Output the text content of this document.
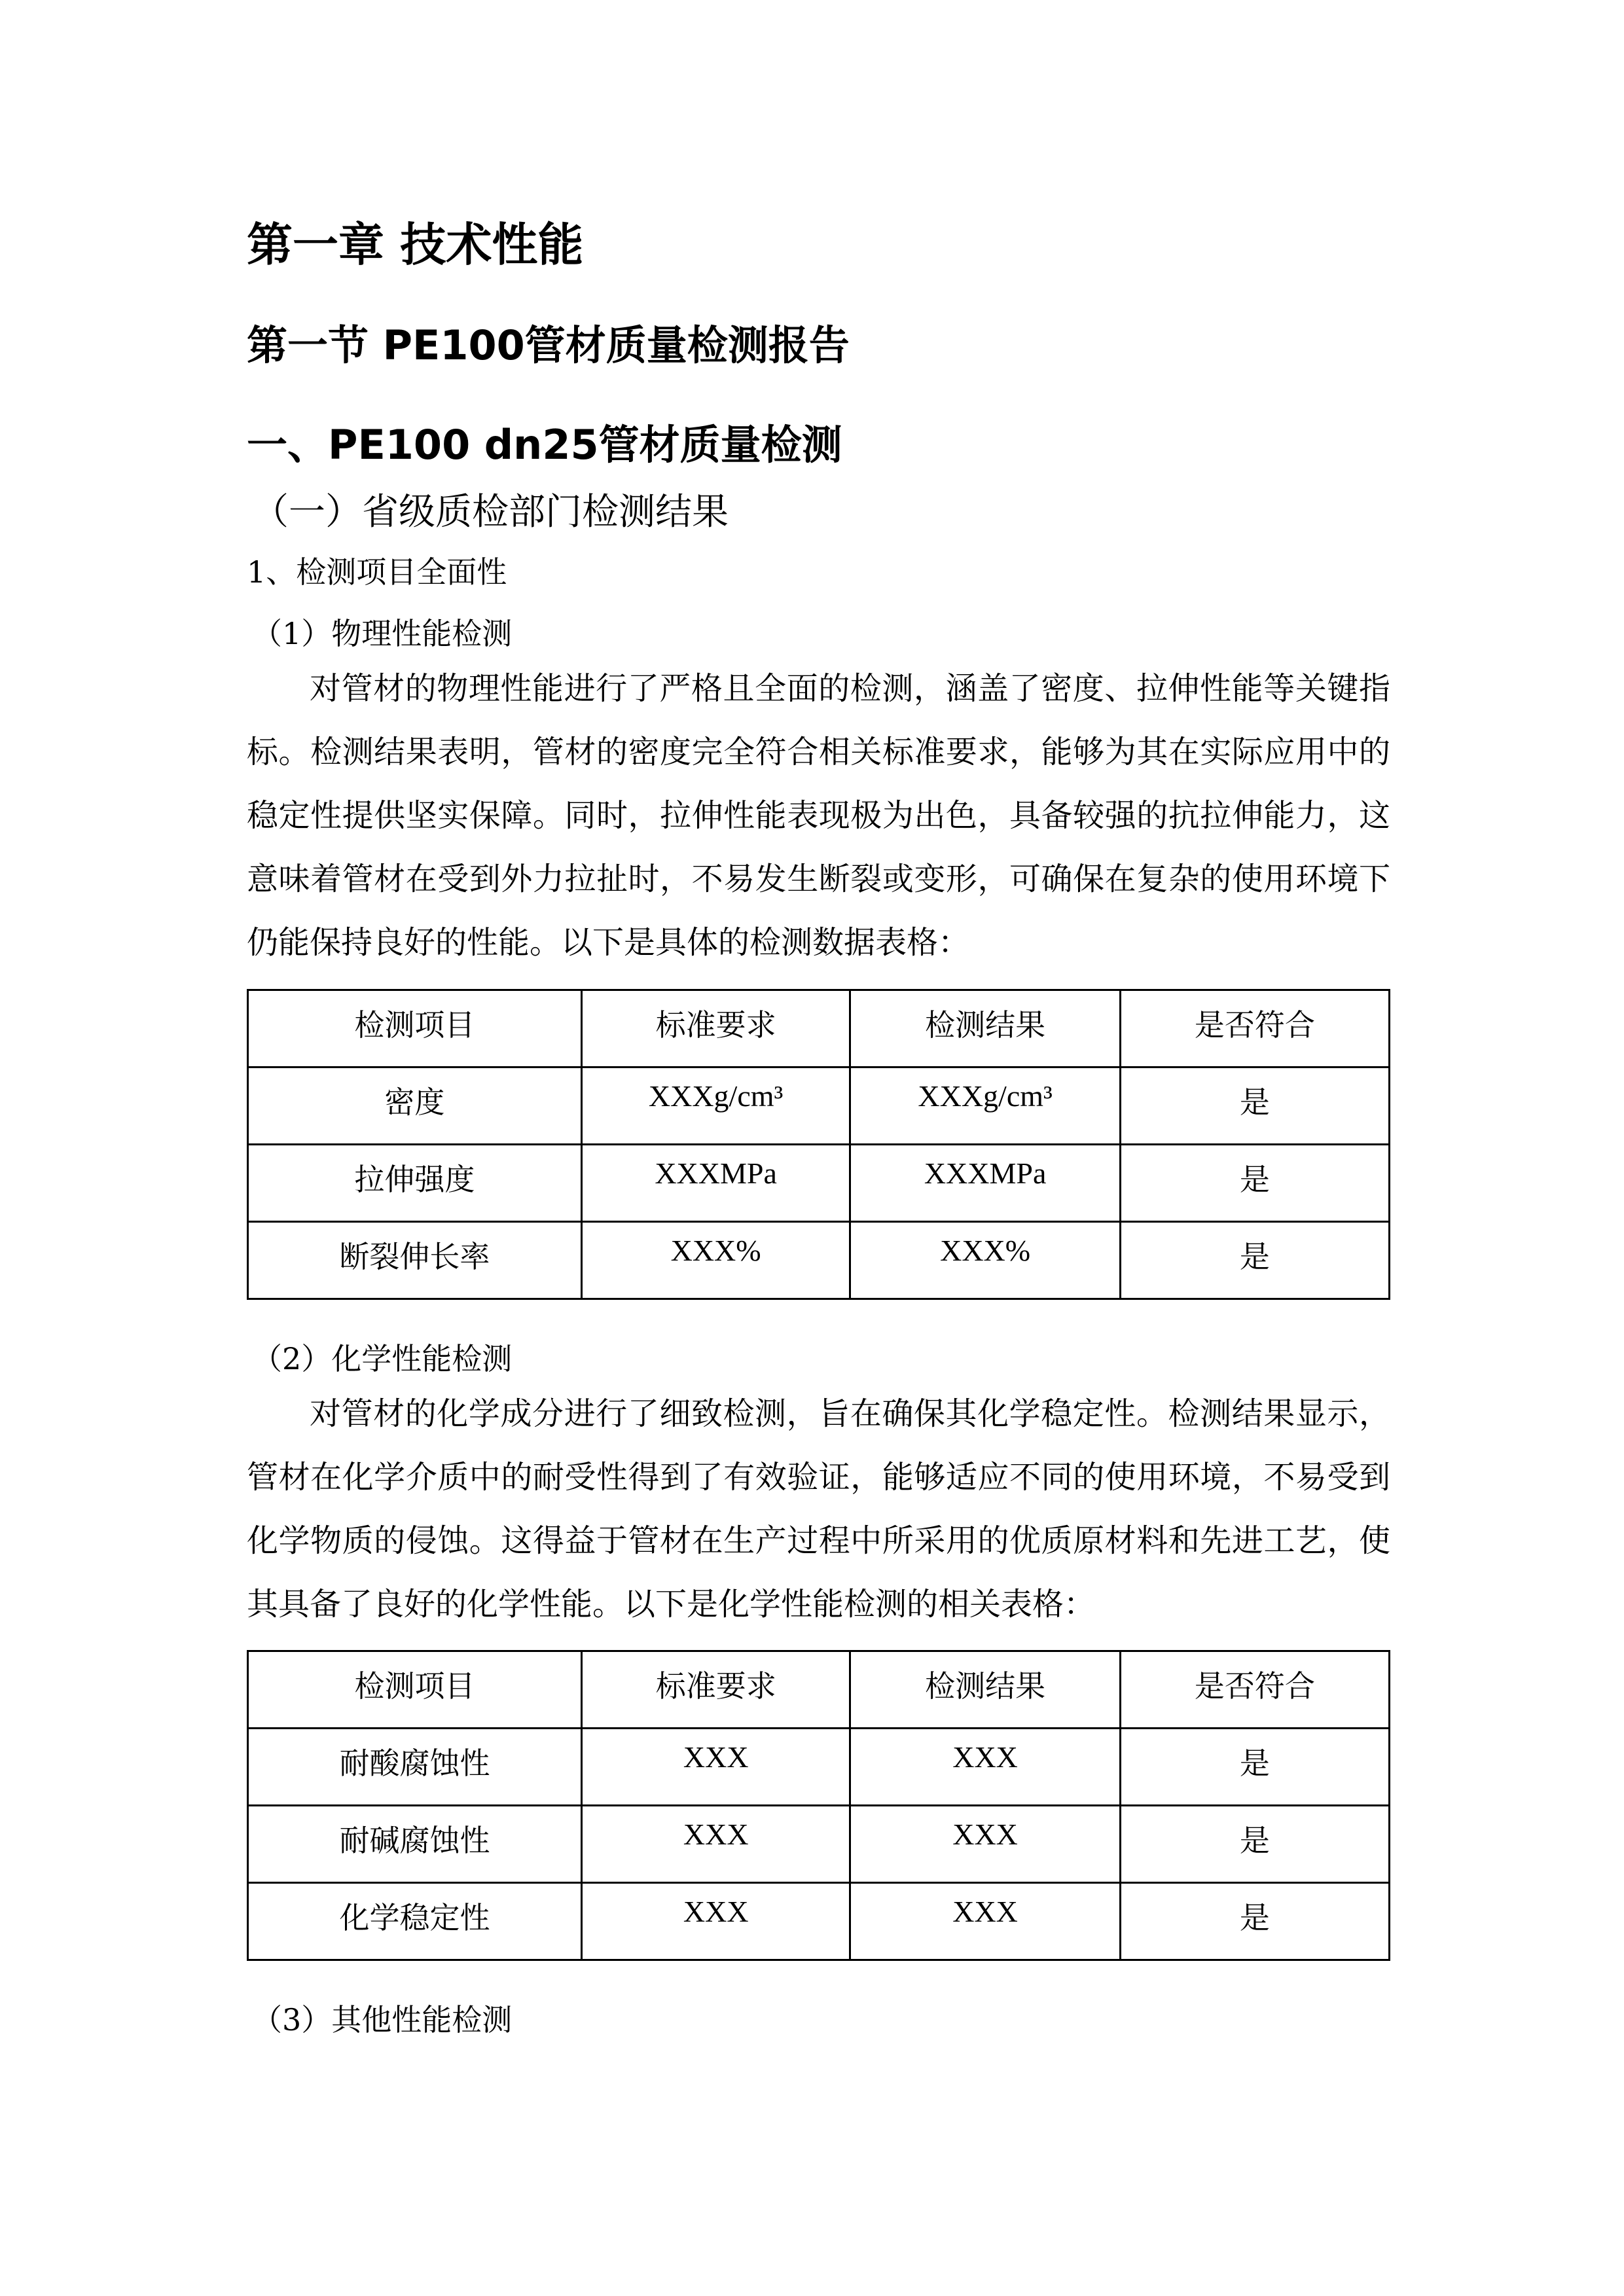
第一章 技术性能
第一节 PE100管材质量检测报告
一、PE100 dn25管材质量检测
（一）省级质检部门检测结果
1、检测项目全面性
（1）物理性能检测
对管材的物理性能进行了严格且全面的检测，涵盖了密度、拉伸性能等关键指标。检测结果表明，管材的密度完全符合相关标准要求，能够为其在实际应用中的稳定性提供坚实保障。同时，拉伸性能表现极为出色，具备较强的抗拉伸能力，这意味着管材在受到外力拉扯时，不易发生断裂或变形，可确保在复杂的使用环境下仍能保持良好的性能。以下是具体的检测数据表格：
检测项目	标准要求	检测结果	是否符合
密度	XXXg/cm³	XXXg/cm³	是
拉伸强度	XXXMPa	XXXMPa	是
断裂伸长率	XXX%	XXX%	是
（2）化学性能检测
对管材的化学成分进行了细致检测，旨在确保其化学稳定性。检测结果显示，管材在化学介质中的耐受性得到了有效验证，能够适应不同的使用环境，不易受到化学物质的侵蚀。这得益于管材在生产过程中所采用的优质原材料和先进工艺，使其具备了良好的化学性能。以下是化学性能检测的相关表格：
检测项目	标准要求	检测结果	是否符合
耐酸腐蚀性	XXX	XXX	是
耐碱腐蚀性	XXX	XXX	是
化学稳定性	XXX	XXX	是
（3）其他性能检测
